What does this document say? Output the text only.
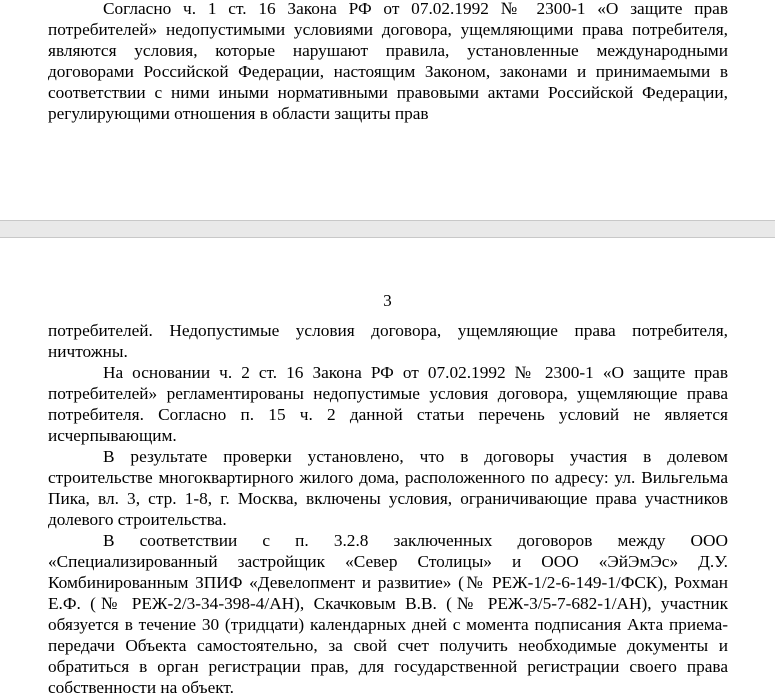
Согласно ч. 1 ст. 16 Закона РФ от 07.02.1992 № 2300-1 «О защите прав потребителей» недопустимыми условиями договора, ущемляющими права потребителя, являются условия, которые нарушают правила, установленные международными договорами Российской Федерации, настоящим Законом, законами и принимаемыми в соответствии с ними иными нормативными правовыми актами Российской Федерации, регулирующими отношения в области защиты прав

3

потребителей. Недопустимые условия договора, ущемляющие права потребителя, ничтожны.

На основании ч. 2 ст. 16 Закона РФ от 07.02.1992 № 2300-1 «О защите прав потребителей» регламентированы недопустимые условия договора, ущемляющие права потребителя. Согласно п. 15 ч. 2 данной статьи перечень условий не является исчерпывающим.

В результате проверки установлено, что в договоры участия в долевом строительстве многоквартирного жилого дома, расположенного по адресу: ул. Вильгельма Пика, вл. 3, стр. 1-8, г. Москва, включены условия, ограничивающие права участников долевого строительства.

В соответствии с п. 3.2.8 заключенных договоров между ООО «Специализированный застройщик «Север Столицы» и ООО «ЭйЭмЭс» Д.У. Комбинированным ЗПИФ «Девелопмент и развитие» (№ РЕЖ-1/2-6-149-1/ФСК), Рохман Е.Ф. (№ РЕЖ-2/3-34-398-4/АН), Скачковым В.В. (№ РЕЖ-3/5-7-682-1/АН), участник обязуется в течение 30 (тридцати) календарных дней с момента подписания Акта приема-передачи Объекта самостоятельно, за свой счет получить необходимые документы и обратиться в орган регистрации прав, для государственной регистрации своего права собственности на объект.
